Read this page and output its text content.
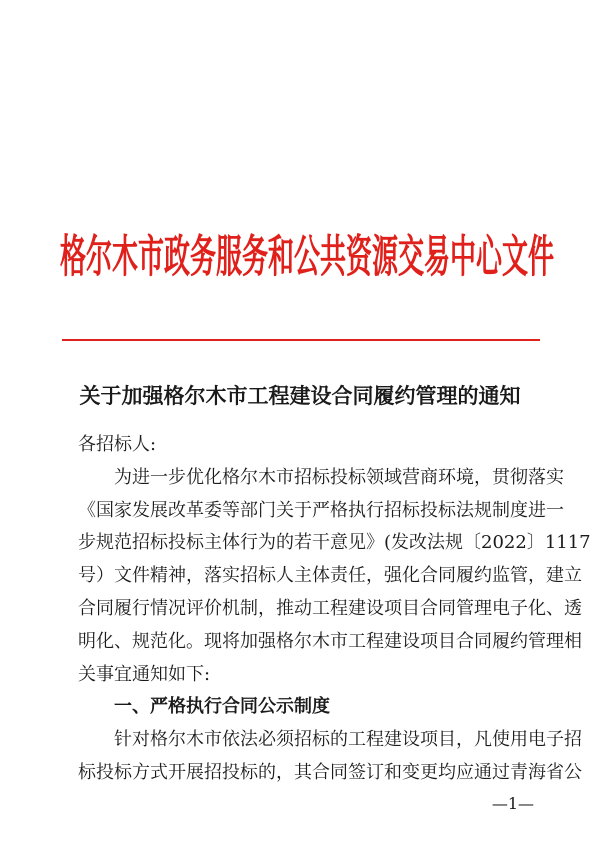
格尔木市政务服务和公共资源交易中心文件
关于加强格尔木市工程建设合同履约管理的通知
各招标人:
为进一步优化格尔木市招标投标领域营商环境，贯彻落实
《国家发展改革委等部门关于严格执行招标投标法规制度进一
步规范招标投标主体行为的若干意见》(发改法规〔2022〕1117
号）文件精神，落实招标人主体责任，强化合同履约监管，建立
合同履行情况评价机制，推动工程建设项目合同管理电子化、透
明化、规范化。现将加强格尔木市工程建设项目合同履约管理相
关事宜通知如下:
一、严格执行合同公示制度
针对格尔木市依法必须招标的工程建设项目，凡使用电子招
标投标方式开展招投标的，其合同签订和变更均应通过青海省公
—1—
